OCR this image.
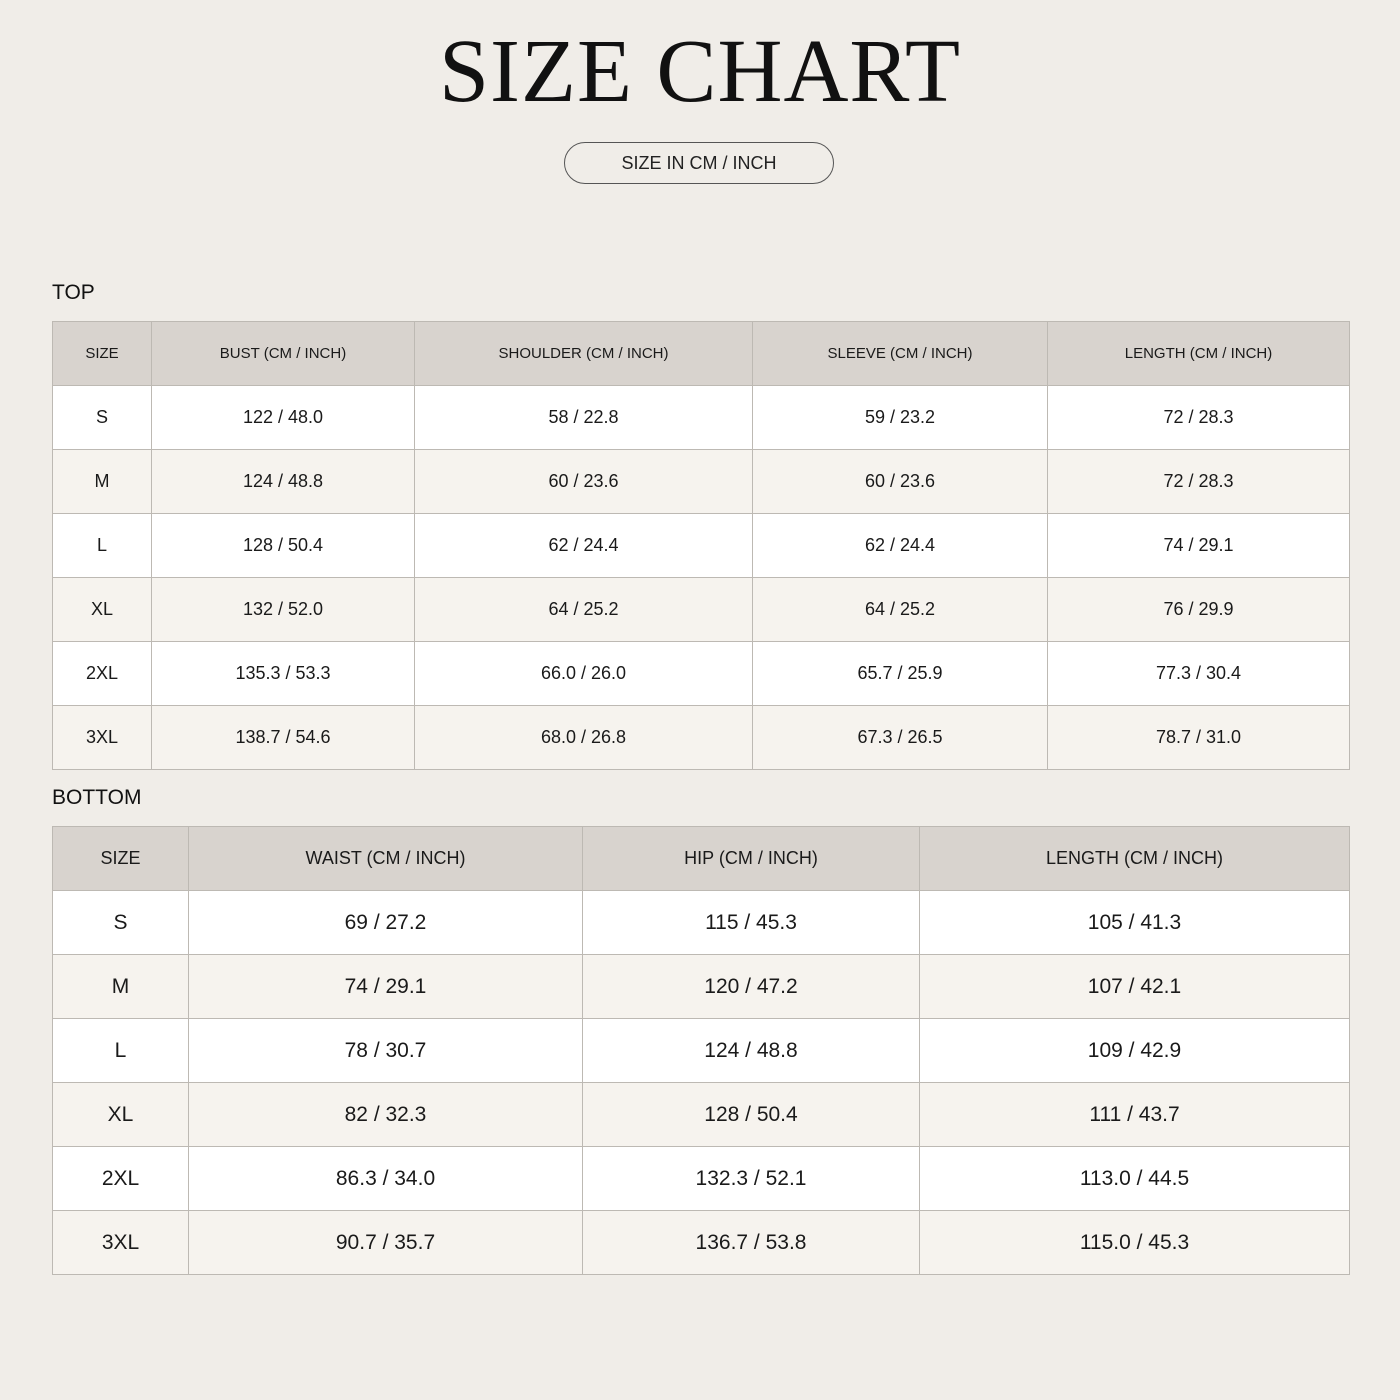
SIZE CHART
SIZE IN CM / INCH
TOP
SIZE	BUST (CM / INCH)	SHOULDER (CM / INCH)	SLEEVE (CM / INCH)	LENGTH (CM / INCH)
S	122 / 48.0	58 / 22.8	59 / 23.2	72 / 28.3
M	124 / 48.8	60 / 23.6	60 / 23.6	72 / 28.3
L	128 / 50.4	62 / 24.4	62 / 24.4	74 / 29.1
XL	132 / 52.0	64 / 25.2	64 / 25.2	76 / 29.9
2XL	135.3 / 53.3	66.0 / 26.0	65.7 / 25.9	77.3 / 30.4
3XL	138.7 / 54.6	68.0 / 26.8	67.3 / 26.5	78.7 / 31.0
BOTTOM
SIZE	WAIST (CM / INCH)	HIP (CM / INCH)	LENGTH (CM / INCH)
S	69 / 27.2	115 / 45.3	105 / 41.3
M	74 / 29.1	120 / 47.2	107 / 42.1
L	78 / 30.7	124 / 48.8	109 / 42.9
XL	82 / 32.3	128 / 50.4	111 / 43.7
2XL	86.3 / 34.0	132.3 / 52.1	113.0 / 44.5
3XL	90.7 / 35.7	136.7 / 53.8	115.0 / 45.3
